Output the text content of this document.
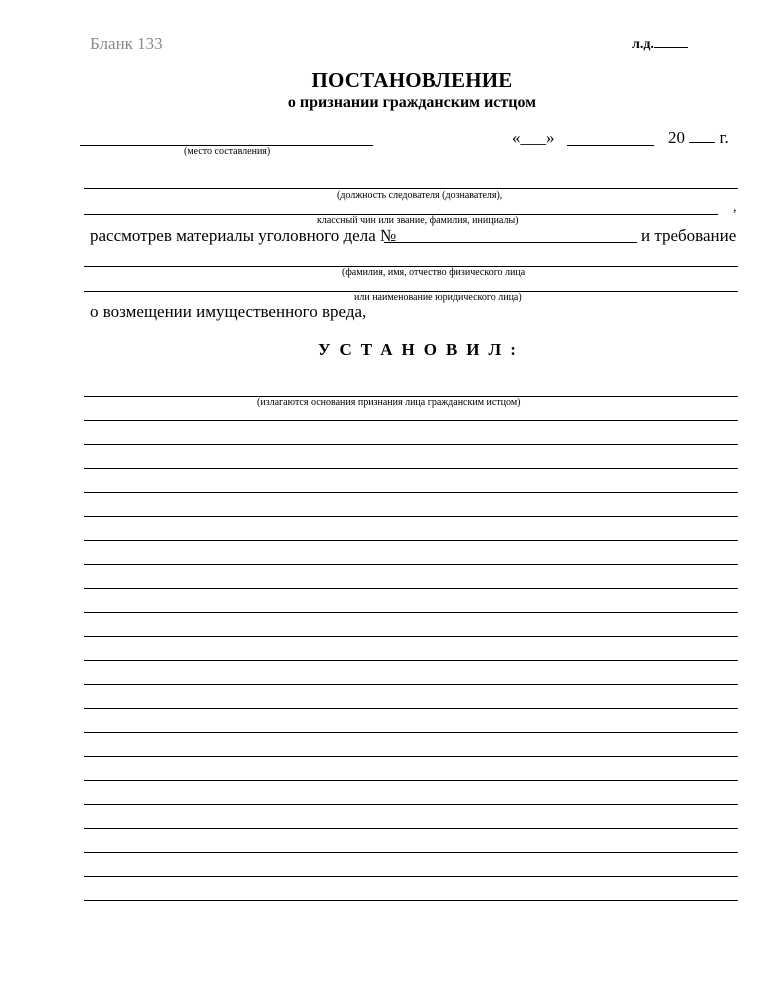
Бланк 133	л.д.
ПОСТАНОВЛЕНИЕ
о признании гражданским истцом
(место составления)
«___»	20 г.
(должность следователя (дознавателя),
,
классный чин или звание, фамилия, инициалы)
рассмотрев материалы уголовного дела №	и требование
(фамилия, имя, отчество физического лица
или наименование юридического лица)
о возмещении имущественного вреда,
УСТАНОВИЛ:
(излагаются основания признания лица гражданским истцом)
